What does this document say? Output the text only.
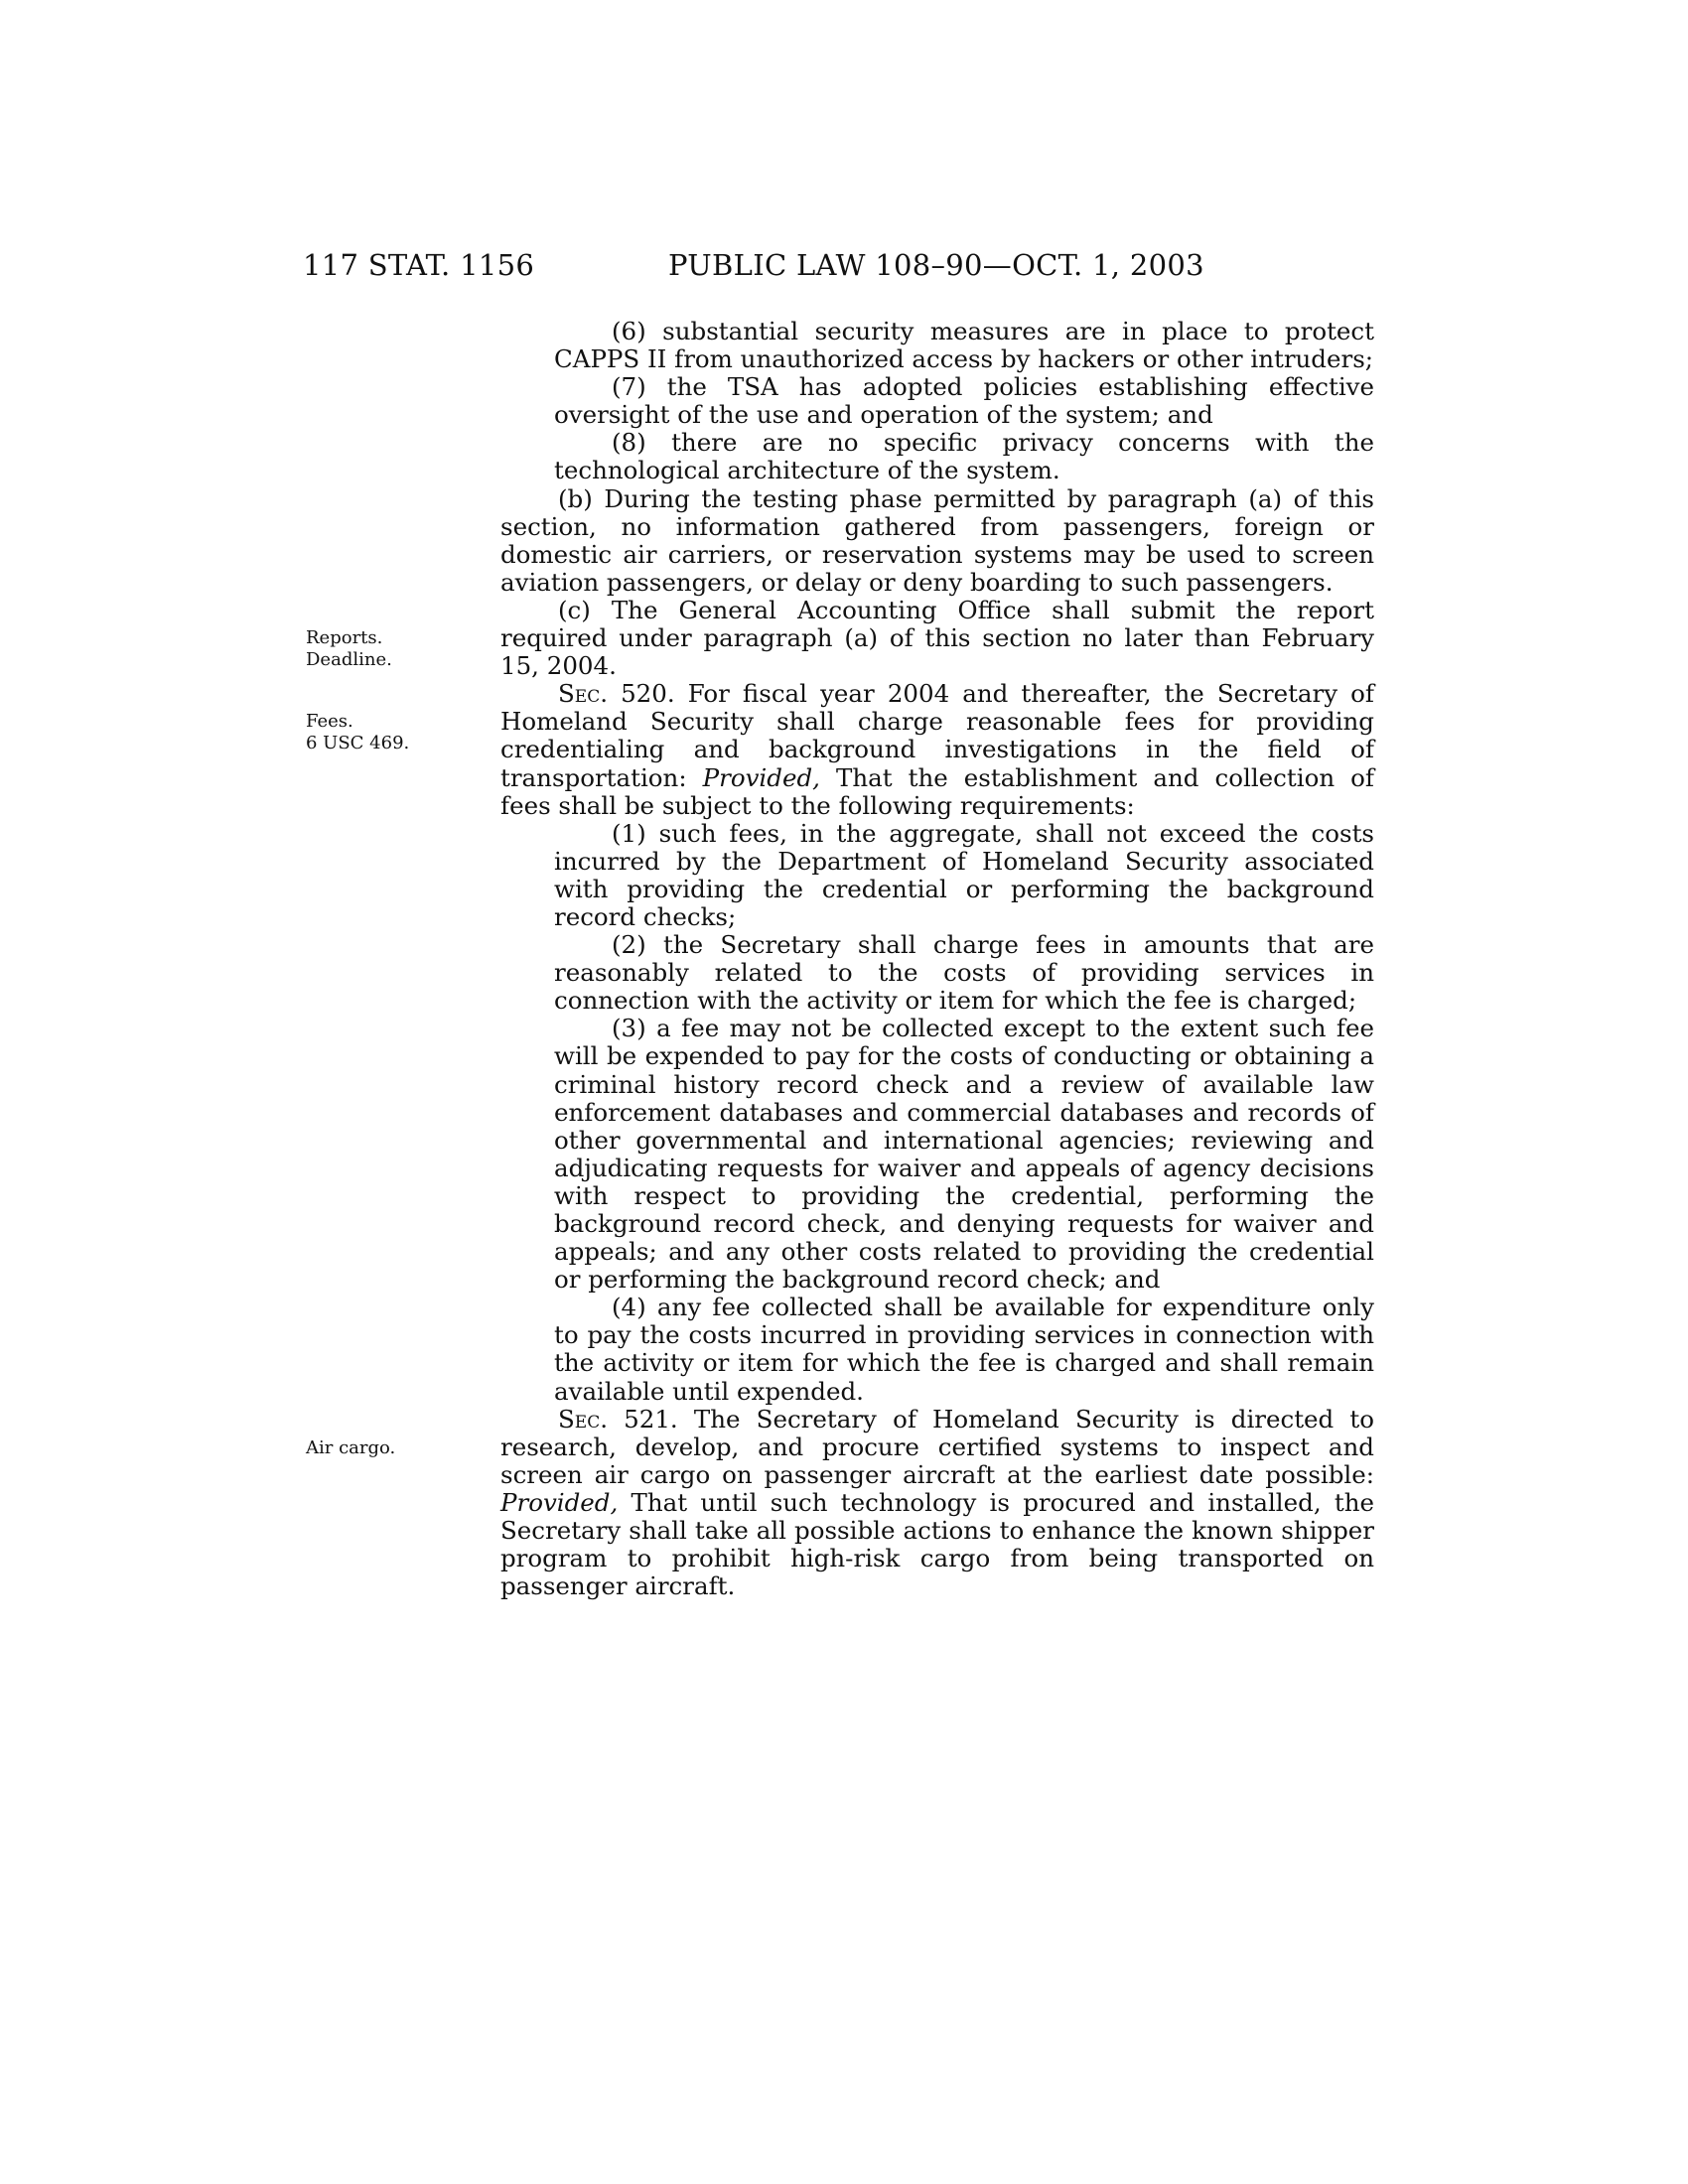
117 STAT. 1156	PUBLIC LAW 108–90—OCT. 1, 2003
Reports.
Deadline.
Fees.
6 USC 469.
Air cargo.

(6) substantial security measures are in place to protect CAPPS II from unauthorized access by hackers or other intruders;

(7) the TSA has adopted policies establishing effective oversight of the use and operation of the system; and

(8) there are no specific privacy concerns with the technological architecture of the system.

(b) During the testing phase permitted by paragraph (a) of this section, no information gathered from passengers, foreign or domestic air carriers, or reservation systems may be used to screen aviation passengers, or delay or deny boarding to such passengers.

(c) The General Accounting Office shall submit the report required under paragraph (a) of this section no later than February 15, 2004.

Sec. 520. For fiscal year 2004 and thereafter, the Secretary of Homeland Security shall charge reasonable fees for providing credentialing and background investigations in the field of transportation: Provided, That the establishment and collection of fees shall be subject to the following requirements:

(1) such fees, in the aggregate, shall not exceed the costs incurred by the Department of Homeland Security associated with providing the credential or performing the background record checks;

(2) the Secretary shall charge fees in amounts that are reasonably related to the costs of providing services in connection with the activity or item for which the fee is charged;

(3) a fee may not be collected except to the extent such fee will be expended to pay for the costs of conducting or obtaining a criminal history record check and a review of available law enforcement databases and commercial databases and records of other governmental and international agencies; reviewing and adjudicating requests for waiver and appeals of agency decisions with respect to providing the credential, performing the background record check, and denying requests for waiver and appeals; and any other costs related to providing the credential or performing the background record check; and

(4) any fee collected shall be available for expenditure only to pay the costs incurred in providing services in connection with the activity or item for which the fee is charged and shall remain available until expended.

Sec. 521. The Secretary of Homeland Security is directed to research, develop, and procure certified systems to inspect and screen air cargo on passenger aircraft at the earliest date possible: Provided, That until such technology is procured and installed, the Secretary shall take all possible actions to enhance the known shipper program to prohibit high-risk cargo from being transported on passenger aircraft.
